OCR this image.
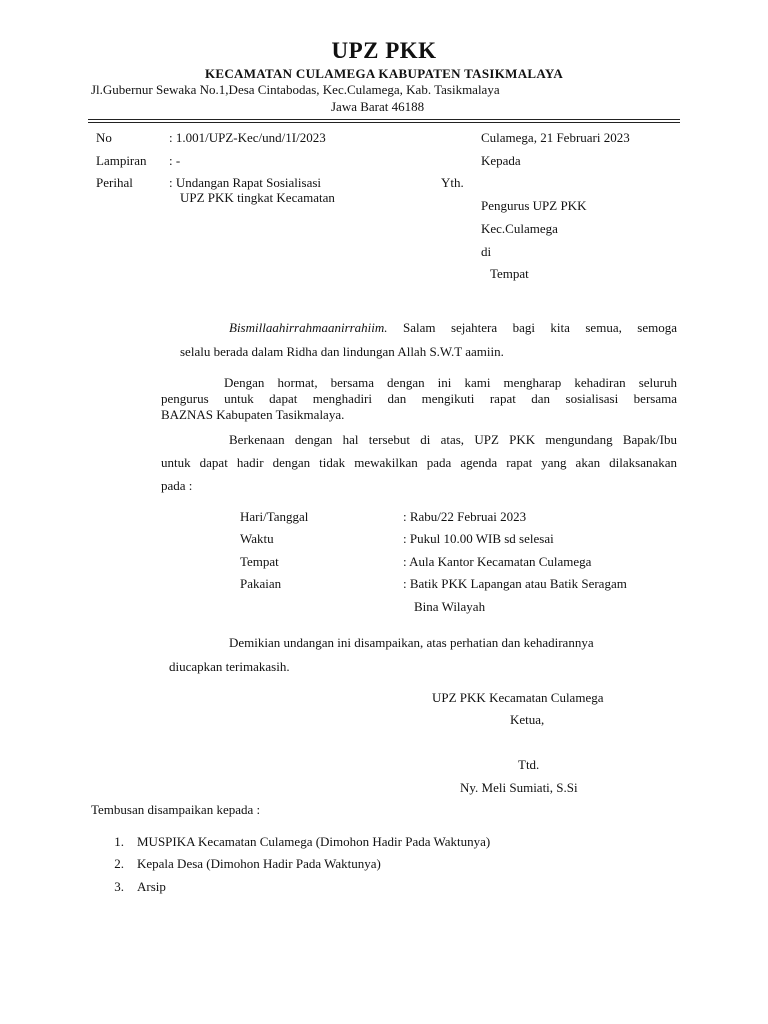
UPZ PKK
KECAMATAN CULAMEGA KABUPATEN TASIKMALAYA
Jl.Gubernur Sewaka No.1,Desa Cintabodas, Kec.Culamega, Kab. Tasikmalaya
Jawa Barat 46188
No	: 1.001/UPZ-Kec/und/1I/2023
Lampiran : -
Perihal	: Undangan Rapat Sosialisasi
UPZ PKK tingkat Kecamatan
Culamega, 21 Februari 2023
Kepada
Yth.
Pengurus UPZ PKK
Kec.Culamega
di
Tempat
Bismillaahirrahmaanirrahiim. Salam sejahtera bagi kita semua, semoga
selalu berada dalam Ridha dan lindungan Allah S.W.T aamiin.
Dengan hormat, bersama dengan ini kami mengharap kehadiran seluruh
pengurus untuk dapat menghadiri dan mengikuti rapat dan sosialisasi bersama
BAZNAS Kabupaten Tasikmalaya.
Berkenaan dengan hal tersebut di atas, UPZ PKK mengundang Bapak/Ibu
untuk dapat hadir dengan tidak mewakilkan pada agenda rapat yang akan dilaksanakan
pada :
Hari/Tanggal	: Rabu/22 Februai 2023
Waktu	: Pukul 10.00 WIB sd selesai
Tempat	: Aula Kantor Kecamatan Culamega
Pakaian	: Batik PKK Lapangan atau Batik Seragam
Bina Wilayah
Demikian undangan ini disampaikan, atas perhatian dan kehadirannya
diucapkan terimakasih.
UPZ PKK Kecamatan Culamega
Ketua,
Ttd.
Ny. Meli Sumiati, S.Si
Tembusan disampaikan kepada :
1. MUSPIKA Kecamatan Culamega (Dimohon Hadir Pada Waktunya)
2. Kepala Desa (Dimohon Hadir Pada Waktunya)
3. Arsip
